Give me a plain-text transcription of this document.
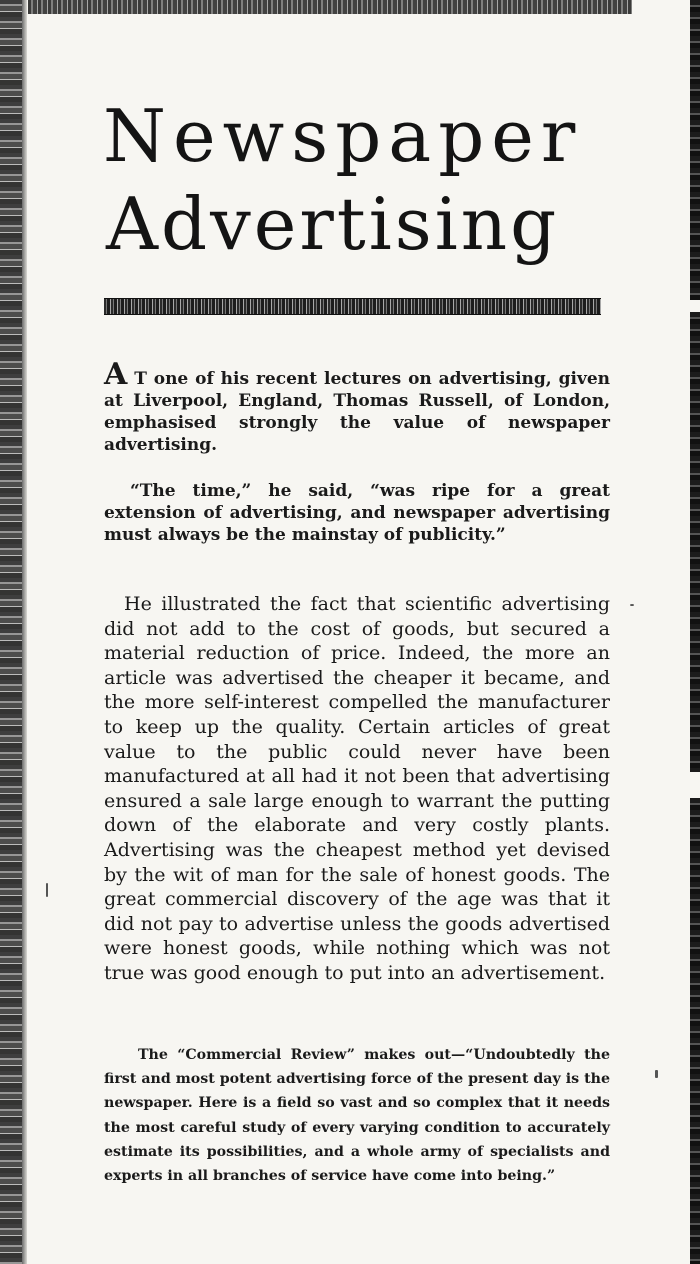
Newspaper
Advertising

A T one of his recent lectures on advertising, given at Liverpool, England, Thomas Russell, of London, emphasised strongly the value of newspaper advertising.

“The time,” he said, “was ripe for a great extension of advertising, and newspaper advertising must always be the mainstay of publicity.”

He illustrated the fact that scientific advertising did not add to the cost of goods, but secured a material reduction of price. Indeed, the more an article was advertised the cheaper it became, and the more self-interest compelled the manufacturer to keep up the quality. Certain articles of great value to the public could never have been manufactured at all had it not been that advertising ensured a sale large enough to warrant the putting down of the elaborate and very costly plants. Advertising was the cheapest method yet devised by the wit of man for the sale of honest goods. The great commercial discovery of the age was that it did not pay to advertise unless the goods advertised were honest goods, while nothing which was not true was good enough to put into an advertisement.

The “Commercial Review” makes out—“Undoubtedly the first and most potent advertising force of the present day is the newspaper. Here is a field so vast and so complex that it needs the most careful study of every varying condition to accurately estimate its possibilities, and a whole army of specialists and experts in all branches of service have come into being.”
